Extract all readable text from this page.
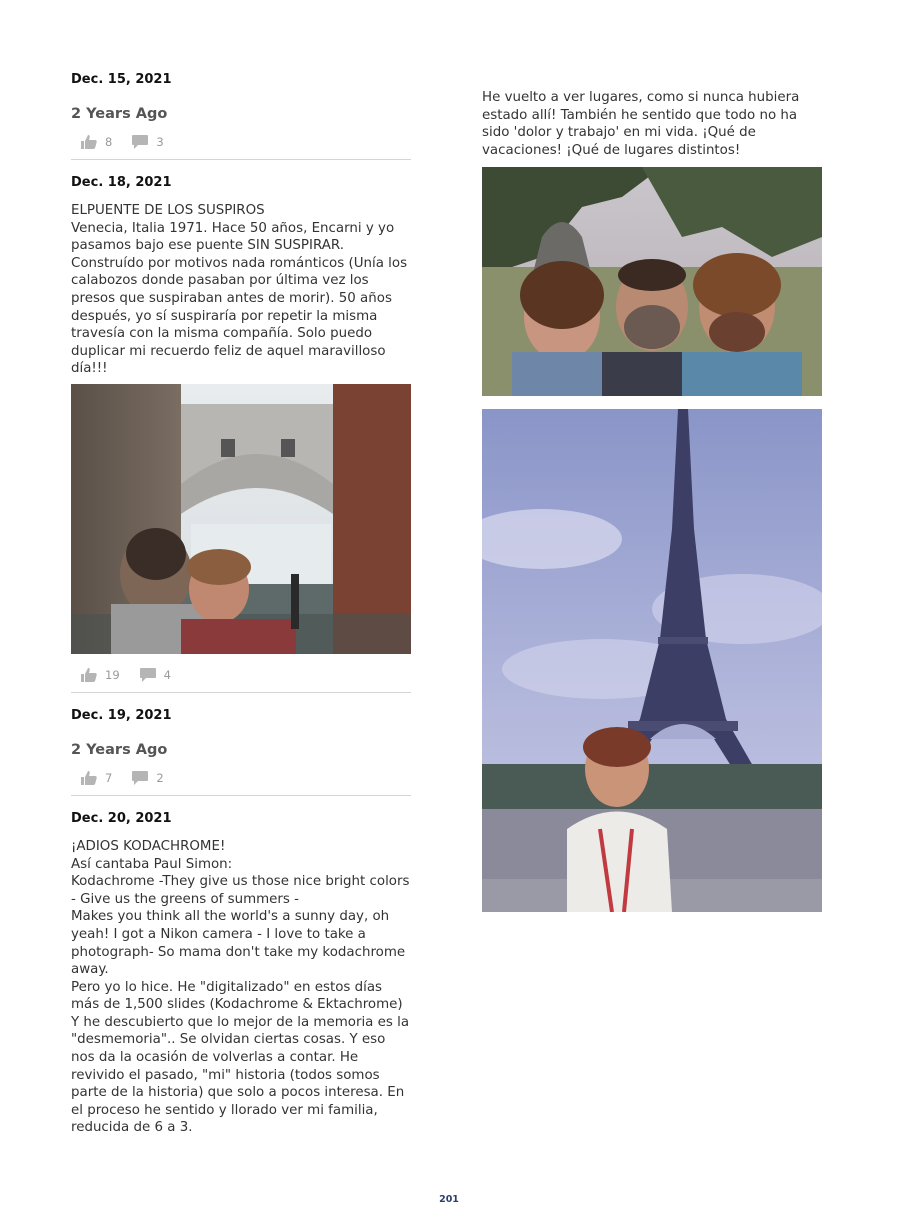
Dec. 15, 2021

2 Years Ago
8	3

Dec. 18, 2021

ELPUENTE DE LOS SUSPIROS
Venecia, Italia 1971. Hace 50 años, Encarni y yo pasamos bajo ese puente SIN SUSPIRAR. Construído por motivos nada románticos (Unía los calabozos donde pasaban por última vez los presos que suspiraban antes de morir). 50 años después, yo sí suspiraría por repetir la misma travesía con la misma compañía. Solo puedo duplicar mi recuerdo feliz de aquel maravilloso día!!!
19	4

Dec. 19, 2021

2 Years Ago
7	2

Dec. 20, 2021

¡ADIOS KODACHROME!
Así cantaba Paul Simon:
Kodachrome -They give us those nice bright colors - Give us the greens of summers -
Makes you think all the world's a sunny day, oh yeah! I got a Nikon camera - I love to take a photograph- So mama don't take my kodachrome away.
Pero yo lo hice. He "digitalizado" en estos días más de 1,500 slides (Kodachrome & Ektachrome) Y he descubierto que lo mejor de la memoria es la "desmemoria".. Se olvidan ciertas cosas. Y eso nos da la ocasión de volverlas a contar. He revivido el pasado, "mi" historia (todos somos parte de la historia) que solo a pocos interesa. En el proceso he sentido y llorado ver mi familia, reducida de 6 a 3.
He vuelto a ver lugares, como si nunca hubiera estado allí! También he sentido que todo no ha sido 'dolor y trabajo' en mi vida. ¡Qué de vacaciones! ¡Qué de lugares distintos!
201
